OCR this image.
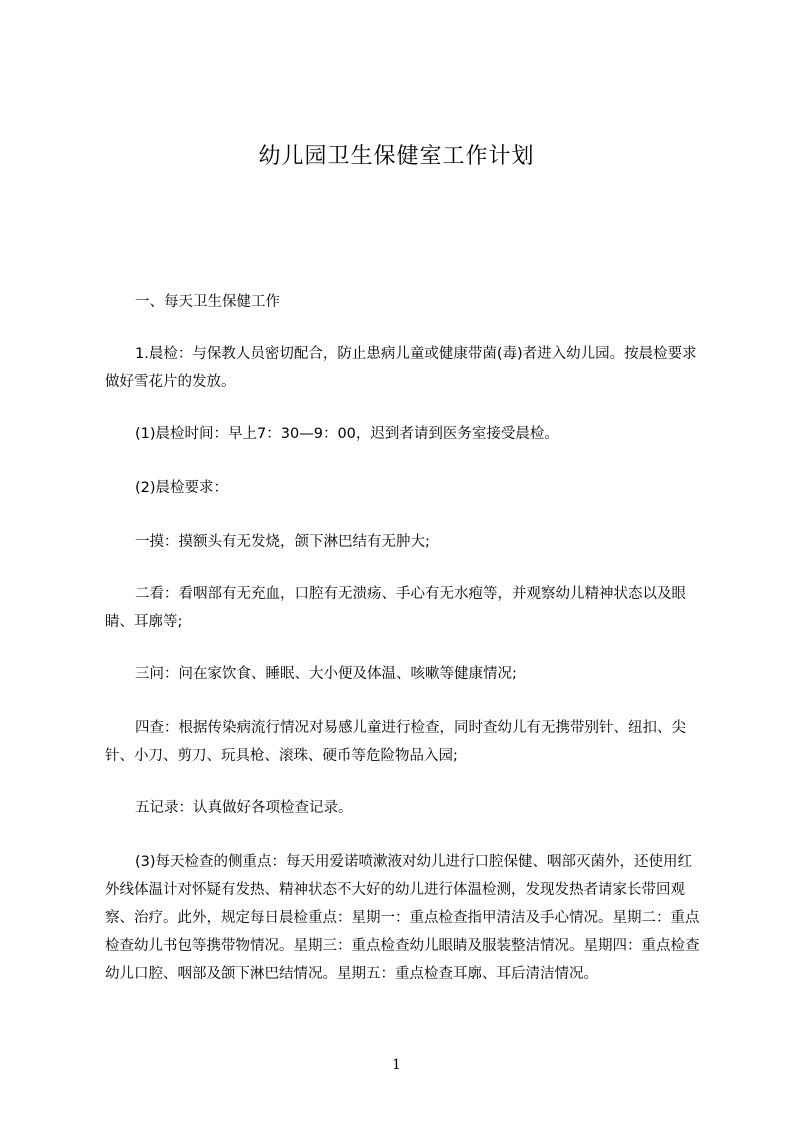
幼儿园卫生保健室工作计划

一、每天卫生保健工作

1.晨检：与保教人员密切配合，防止患病儿童或健康带菌(毒)者进入幼儿园。按晨检要求做好雪花片的发放。

(1)晨检时间：早上7：30—9：00，迟到者请到医务室接受晨检。

(2)晨检要求：

一摸：摸额头有无发烧，颌下淋巴结有无肿大;

二看：看咽部有无充血，口腔有无溃疡、手心有无水疱等，并观察幼儿精神状态以及眼睛、耳廓等;

三问：问在家饮食、睡眠、大小便及体温、咳嗽等健康情况;

四查：根据传染病流行情况对易感儿童进行检查，同时查幼儿有无携带别针、纽扣、尖针、小刀、剪刀、玩具枪、滚珠、硬币等危险物品入园;

五记录：认真做好各项检查记录。

(3)每天检查的侧重点：每天用爱诺喷漱液对幼儿进行口腔保健、咽部灭菌外，还使用红外线体温计对怀疑有发热、精神状态不大好的幼儿进行体温检测，发现发热者请家长带回观察、治疗。此外，规定每日晨检重点：星期一：重点检查指甲清洁及手心情况。星期二：重点检查幼儿书包等携带物情况。星期三：重点检查幼儿眼睛及服装整洁情况。星期四：重点检查幼儿口腔、咽部及颌下淋巴结情况。星期五：重点检查耳廓、耳后清洁情况。

1
